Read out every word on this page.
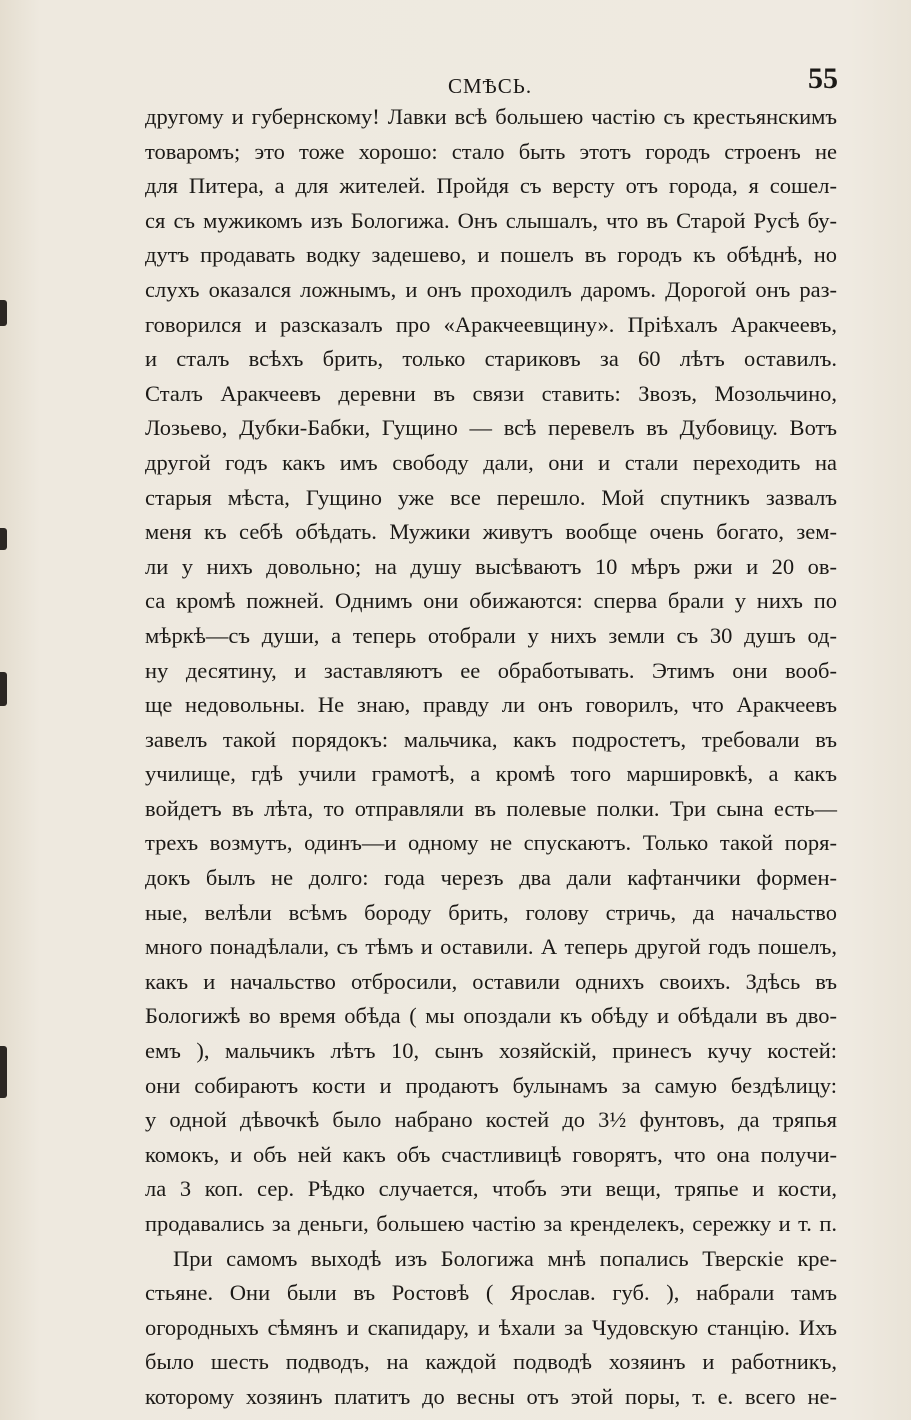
СМѢСЬ.	55
другому и губернскому! Лавки всѣ большею частію съ крестьянскимъ
товаромъ; это тоже хорошо: стало быть этотъ городъ строенъ не
для Питера, а для жителей. Пройдя съ версту отъ города, я сошел-
ся съ мужикомъ изъ Бологижа. Онъ слышалъ, что въ Старой Русѣ бу-
дутъ продавать водку задешево, и пошелъ въ городъ къ обѣднѣ, но
слухъ оказался ложнымъ, и онъ проходилъ даромъ. Дорогой онъ раз-
говорился и разсказалъ про «Аракчеевщину». Пріѣхалъ Аракчеевъ,
и сталъ всѣхъ брить, только стариковъ за 60 лѣтъ оставилъ.
Сталъ Аракчеевъ деревни въ связи ставить: Звозъ, Мозольчино,
Лозьево, Дубки-Бабки, Гущино — всѣ перевелъ въ Дубовицу. Вотъ
другой годъ какъ имъ свободу дали, они и стали переходить на
старыя мѣста, Гущино уже все перешло. Мой спутникъ зазвалъ
меня къ себѣ обѣдать. Мужики живутъ вообще очень богато, зем-
ли у нихъ довольно; на душу высѣваютъ 10 мѣръ ржи и 20 ов-
са кромѣ пожней. Однимъ они обижаются: сперва брали у нихъ по
мѣркѣ—съ души, а теперь отобрали у нихъ земли съ 30 душъ од-
ну десятину, и заставляютъ ее обработывать. Этимъ они вооб-
ще недовольны. Не знаю, правду ли онъ говорилъ, что Аракчеевъ
завелъ такой порядокъ: мальчика, какъ подростетъ, требовали въ
училище, гдѣ учили грамотѣ, а кромѣ того маршировкѣ, а какъ
войдетъ въ лѣта, то отправляли въ полевые полки. Три сына есть—
трехъ возмутъ, одинъ—и одному не спускаютъ. Только такой поря-
докъ былъ не долго: года черезъ два дали кафтанчики формен-
ные, велѣли всѣмъ бороду брить, голову стричь, да начальство
много понадѣлали, съ тѣмъ и оставили. А теперь другой годъ пошелъ,
какъ и начальство отбросили, оставили одниxъ своихъ. Здѣсь въ
Бологижѣ во время обѣда ( мы опоздали къ обѣду и обѣдали въ дво-
емъ ), мальчикъ лѣтъ 10, сынъ хозяйскій, принесъ кучу костей:
они собираютъ кости и продаютъ булынамъ за самую бездѣлицу:
у одной дѣвочкѣ было набрано костей до 3½ фунтовъ, да тряпья
комокъ, и объ ней какъ объ счастливицѣ говорятъ, что она получи-
ла 3 коп. сер. Рѣдко случается, чтобъ эти вещи, тряпье и кости,
продавались за деньги, большею частію за кренделекъ, сережку и т. п.
При самомъ выходѣ изъ Бологижа мнѣ попались Тверскіе кре-
стьяне. Они были въ Ростовѣ ( Ярослав. губ. ), набрали тамъ
огородныхъ сѣмянъ и скапидару, и ѣхали за Чудовскую станцію. Ихъ
было шесть подводъ, на каждой подводѣ хозяинъ и работникъ,
которому хозяинъ платитъ до весны отъ этой поры, т. е. всего не-
